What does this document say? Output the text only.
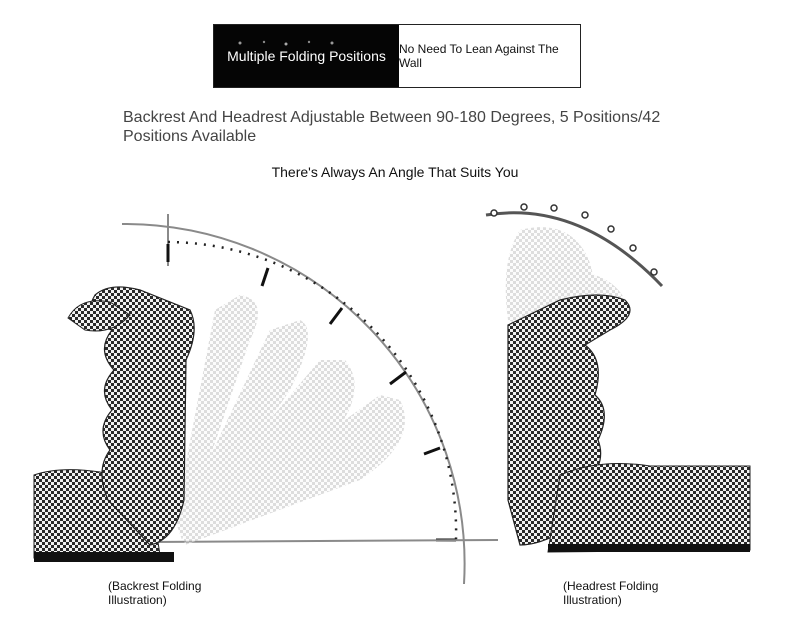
Multiple Folding Positions No Need To Lean Against The Wall
Backrest And Headrest Adjustable Between 90-180 Degrees, 5 Positions/42 Positions Available
There's Always An Angle That Suits You
(Backrest Folding Illustration)
(Headrest Folding Illustration)
